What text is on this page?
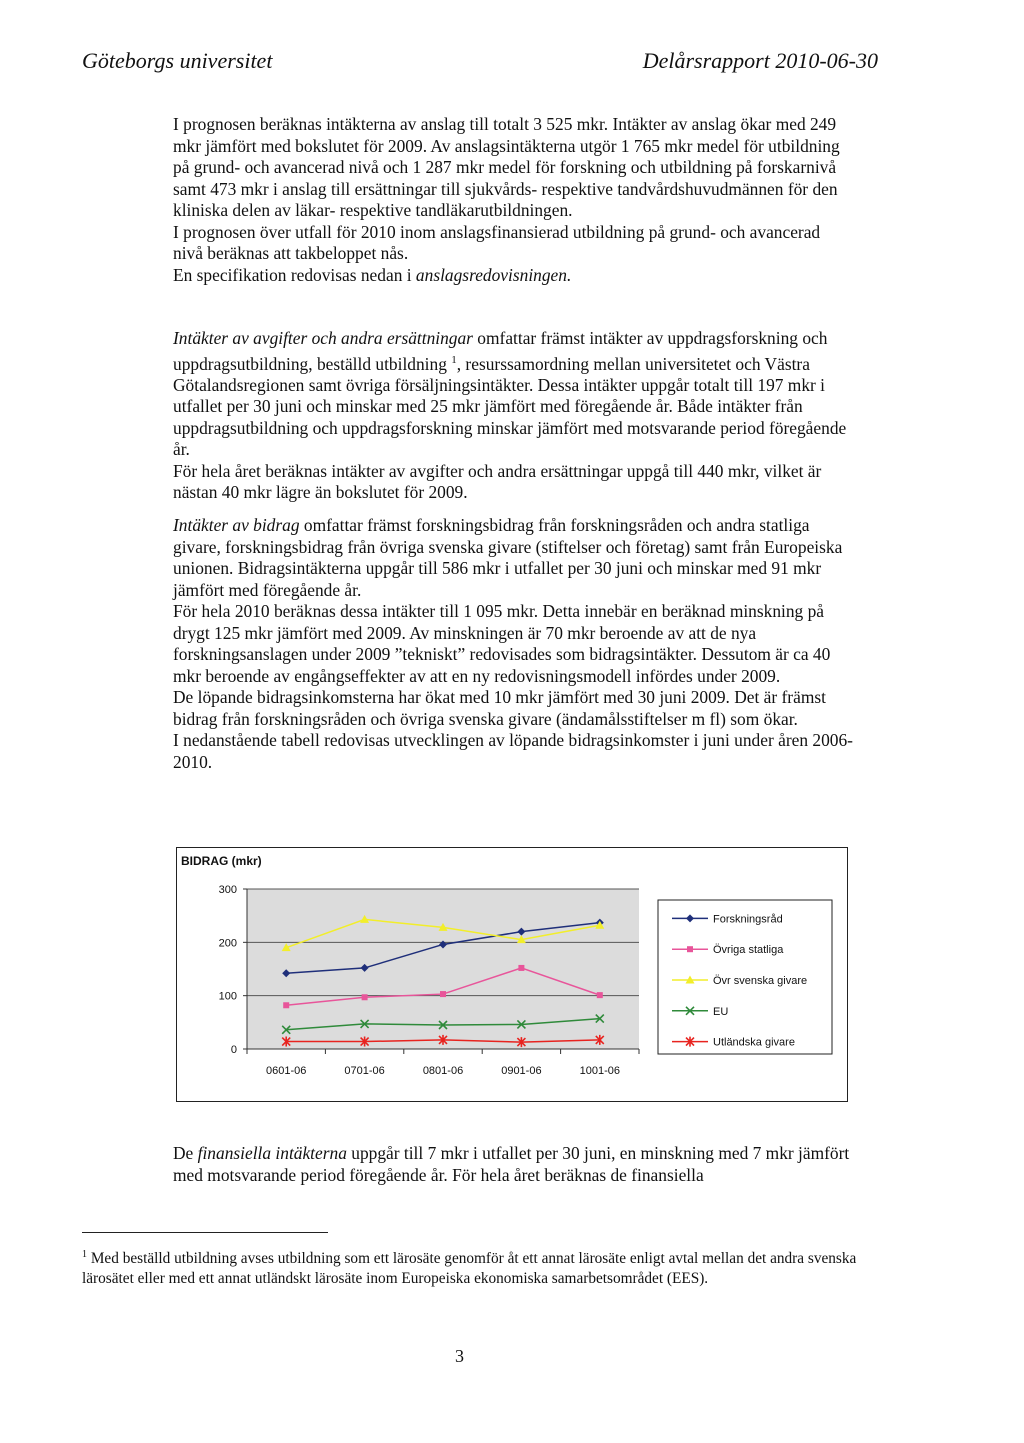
Göteborgs universitet	Delårsrapport 2010-06-30

I prognosen beräknas intäkterna av anslag till totalt 3 525 mkr. Intäkter av anslag ökar med 249 mkr jämfört med bokslutet för 2009. Av anslagsintäkterna utgör 1 765 mkr medel för utbildning på grund- och avancerad nivå och 1 287 mkr medel för forskning och utbildning på forskarnivå samt 473 mkr i anslag till ersättningar till sjukvårds- respektive tandvårdshuvudmännen för den kliniska delen av läkar- respektive tandläkarutbildningen.

I prognosen över utfall för 2010 inom anslagsfinansierad utbildning på grund- och avancerad nivå beräknas att takbeloppet nås.

En specifikation redovisas nedan i anslagsredovisningen.

Intäkter av avgifter och andra ersättningar omfattar främst intäkter av uppdragsforskning och uppdragsutbildning, beställd utbildning $^1$, resurssamordning mellan universitetet och Västra Götalandsregionen samt övriga försäljningsintäkter. Dessa intäkter uppgår totalt till 197 mkr i utfallet per 30 juni och minskar med 25 mkr jämfört med föregående år. Både intäkter från uppdragsutbildning och uppdragsforskning minskar jämfört med motsvarande period föregående år.

För hela året beräknas intäkter av avgifter och andra ersättningar uppgå till 440 mkr, vilket är nästan 40 mkr lägre än bokslutet för 2009.

Intäkter av bidrag omfattar främst forskningsbidrag från forskningsråden och andra statliga givare, forskningsbidrag från övriga svenska givare (stiftelser och företag) samt från Europeiska unionen. Bidragsintäkterna uppgår till 586 mkr i utfallet per 30 juni och minskar med 91 mkr jämfört med föregående år.

För hela 2010 beräknas dessa intäkter till 1 095 mkr. Detta innebär en beräknad minskning på drygt 125 mkr jämfört med 2009. Av minskningen är 70 mkr beroende av att de nya forskningsanslagen under 2009 ”tekniskt” redovisades som bidragsintäkter. Dessutom är ca 40 mkr beroende av engångseffekter av att en ny redovisningsmodell infördes under 2009.

De löpande bidragsinkomsterna har ökat med 10 mkr jämfört med 30 juni 2009. Det är främst bidrag från forskningsråden och övriga svenska givare (ändamålsstiftelser m fl) som ökar.

I nedanstående tabell redovisas utvecklingen av löpande bidragsinkomster i juni under åren 2006-2010.

BIDRAG (mkr)
0
100
200
300
0601-06	0701-06	0801-06	0901-06	1001-06
Forskningsråd
Övriga statliga
Övr svenska givare
EU
Utländska givare

De finansiella intäkterna uppgår till 7 mkr i utfallet per 30 juni, en minskning med 7 mkr jämfört med motsvarande period föregående år. För hela året beräknas de finansiella

$^1$ Med beställd utbildning avses utbildning som ett lärosäte genomför åt ett annat lärosäte enligt avtal mellan det andra svenska lärosätet eller med ett annat utländskt lärosäte inom Europeiska ekonomiska samarbetsområdet (EES).
3
